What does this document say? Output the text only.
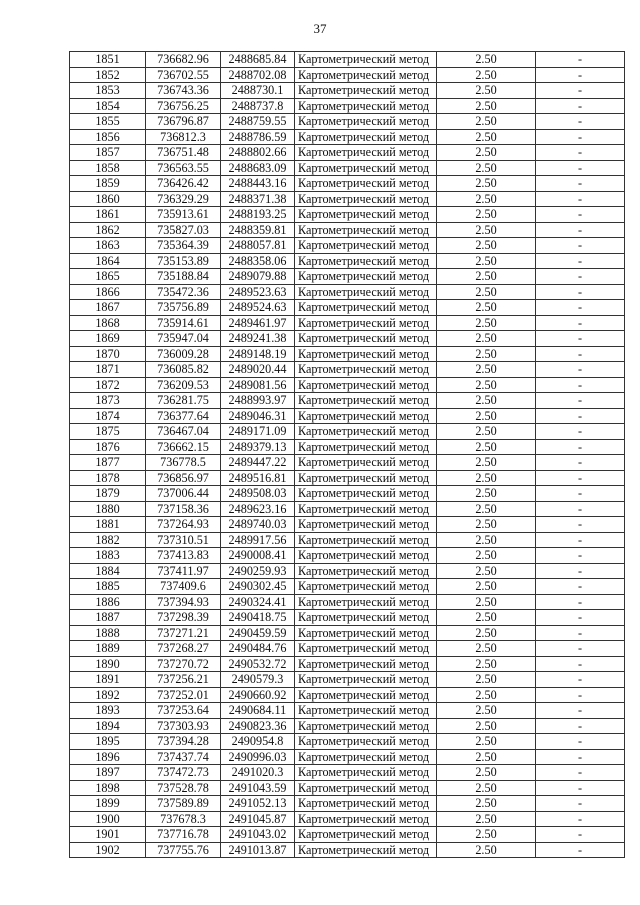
37
1851	736682.96	2488685.84	Картометрический метод	2.50	-
1852	736702.55	2488702.08	Картометрический метод	2.50	-
1853	736743.36	2488730.1	Картометрический метод	2.50	-
1854	736756.25	2488737.8	Картометрический метод	2.50	-
1855	736796.87	2488759.55	Картометрический метод	2.50	-
1856	736812.3	2488786.59	Картометрический метод	2.50	-
1857	736751.48	2488802.66	Картометрический метод	2.50	-
1858	736563.55	2488683.09	Картометрический метод	2.50	-
1859	736426.42	2488443.16	Картометрический метод	2.50	-
1860	736329.29	2488371.38	Картометрический метод	2.50	-
1861	735913.61	2488193.25	Картометрический метод	2.50	-
1862	735827.03	2488359.81	Картометрический метод	2.50	-
1863	735364.39	2488057.81	Картометрический метод	2.50	-
1864	735153.89	2488358.06	Картометрический метод	2.50	-
1865	735188.84	2489079.88	Картометрический метод	2.50	-
1866	735472.36	2489523.63	Картометрический метод	2.50	-
1867	735756.89	2489524.63	Картометрический метод	2.50	-
1868	735914.61	2489461.97	Картометрический метод	2.50	-
1869	735947.04	2489241.38	Картометрический метод	2.50	-
1870	736009.28	2489148.19	Картометрический метод	2.50	-
1871	736085.82	2489020.44	Картометрический метод	2.50	-
1872	736209.53	2489081.56	Картометрический метод	2.50	-
1873	736281.75	2488993.97	Картометрический метод	2.50	-
1874	736377.64	2489046.31	Картометрический метод	2.50	-
1875	736467.04	2489171.09	Картометрический метод	2.50	-
1876	736662.15	2489379.13	Картометрический метод	2.50	-
1877	736778.5	2489447.22	Картометрический метод	2.50	-
1878	736856.97	2489516.81	Картометрический метод	2.50	-
1879	737006.44	2489508.03	Картометрический метод	2.50	-
1880	737158.36	2489623.16	Картометрический метод	2.50	-
1881	737264.93	2489740.03	Картометрический метод	2.50	-
1882	737310.51	2489917.56	Картометрический метод	2.50	-
1883	737413.83	2490008.41	Картометрический метод	2.50	-
1884	737411.97	2490259.93	Картометрический метод	2.50	-
1885	737409.6	2490302.45	Картометрический метод	2.50	-
1886	737394.93	2490324.41	Картометрический метод	2.50	-
1887	737298.39	2490418.75	Картометрический метод	2.50	-
1888	737271.21	2490459.59	Картометрический метод	2.50	-
1889	737268.27	2490484.76	Картометрический метод	2.50	-
1890	737270.72	2490532.72	Картометрический метод	2.50	-
1891	737256.21	2490579.3	Картометрический метод	2.50	-
1892	737252.01	2490660.92	Картометрический метод	2.50	-
1893	737253.64	2490684.11	Картометрический метод	2.50	-
1894	737303.93	2490823.36	Картометрический метод	2.50	-
1895	737394.28	2490954.8	Картометрический метод	2.50	-
1896	737437.74	2490996.03	Картометрический метод	2.50	-
1897	737472.73	2491020.3	Картометрический метод	2.50	-
1898	737528.78	2491043.59	Картометрический метод	2.50	-
1899	737589.89	2491052.13	Картометрический метод	2.50	-
1900	737678.3	2491045.87	Картометрический метод	2.50	-
1901	737716.78	2491043.02	Картометрический метод	2.50	-
1902	737755.76	2491013.87	Картометрический метод	2.50	-
